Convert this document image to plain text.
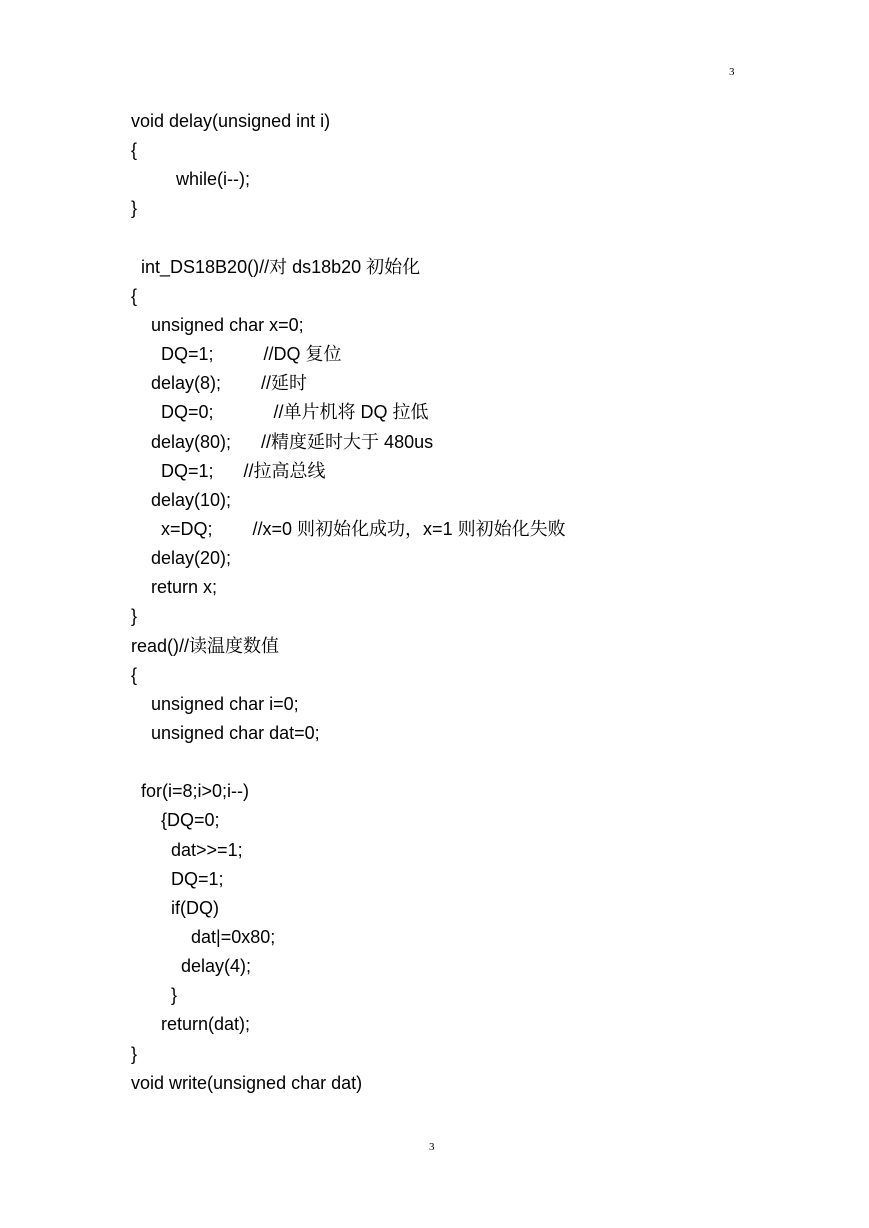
3
void delay(unsigned int i)
{
while(i--);
}
int_DS18B20()//对 ds18b20 初始化
{
unsigned char x=0;
DQ=1;          //DQ 复位
delay(8);        //延时
DQ=0;            //单片机将 DQ 拉低
delay(80);      //精度延时大于 480us
DQ=1;      //拉高总线
delay(10);
x=DQ;        //x=0 则初始化成功，x=1 则初始化失败
delay(20);
return x;
}
read()//读温度数值
{
unsigned char i=0;
unsigned char dat=0;
for(i=8;i>0;i--)
{DQ=0;
dat>>=1;
DQ=1;
if(DQ)
dat|=0x80;
delay(4);
}
return(dat);
}
void write(unsigned char dat)
3
